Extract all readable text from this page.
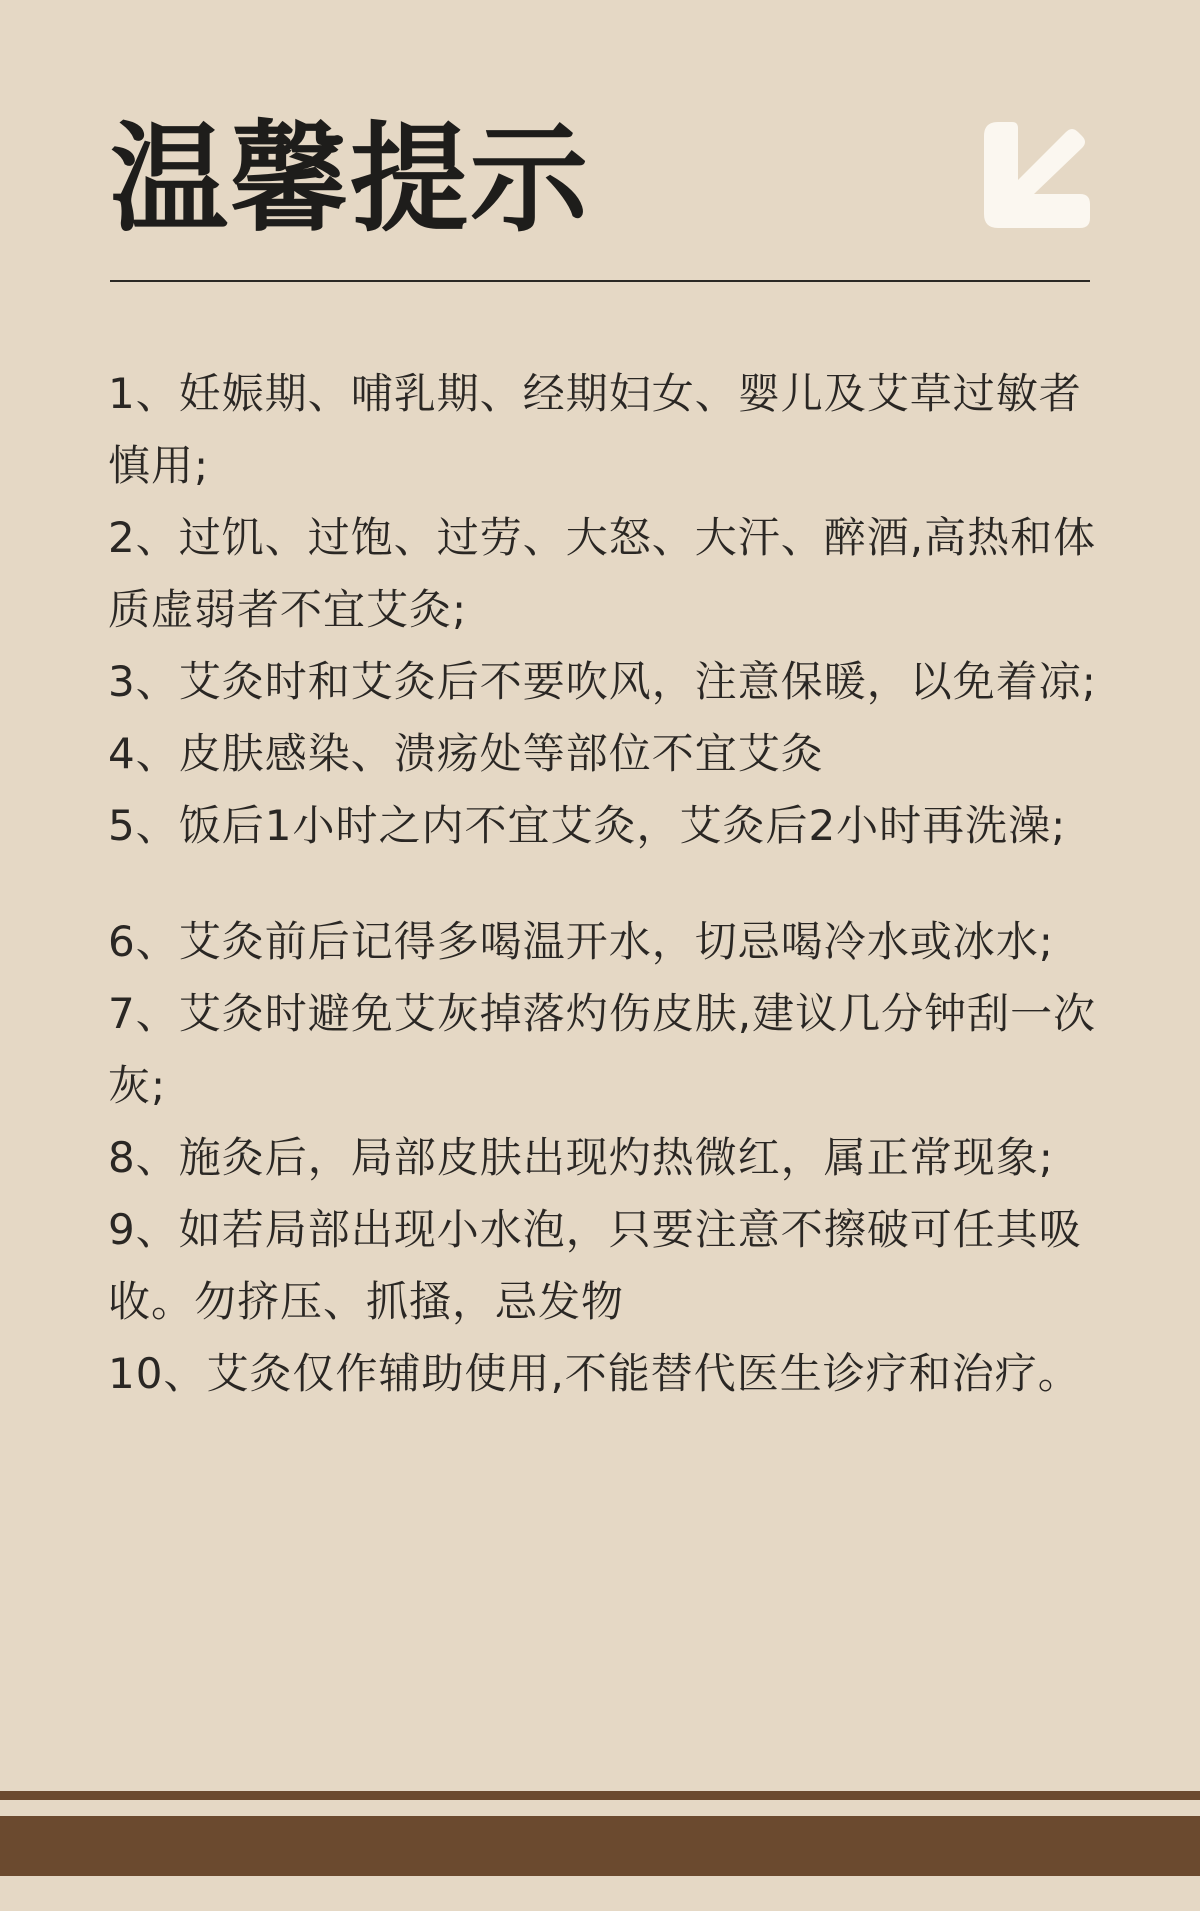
温馨提示
1、妊娠期、哺乳期、经期妇女、婴儿及艾草过敏者慎用;
2、过饥、过饱、过劳、大怒、大汗、醉酒,高热和体质虚弱者不宜艾灸;
3、艾灸时和艾灸后不要吹风，注意保暖，以免着凉;
4、皮肤感染、溃疡处等部位不宜艾灸
5、饭后1小时之内不宜艾灸，艾灸后2小时再洗澡;
6、艾灸前后记得多喝温开水，切忌喝冷水或冰水;
7、艾灸时避免艾灰掉落灼伤皮肤,建议几分钟刮一次灰;
8、施灸后，局部皮肤出现灼热微红，属正常现象;
9、如若局部出现小水泡，只要注意不擦破可任其吸收。勿挤压、抓搔，忌发物
10、艾灸仅作辅助使用,不能替代医生诊疗和治疗。
